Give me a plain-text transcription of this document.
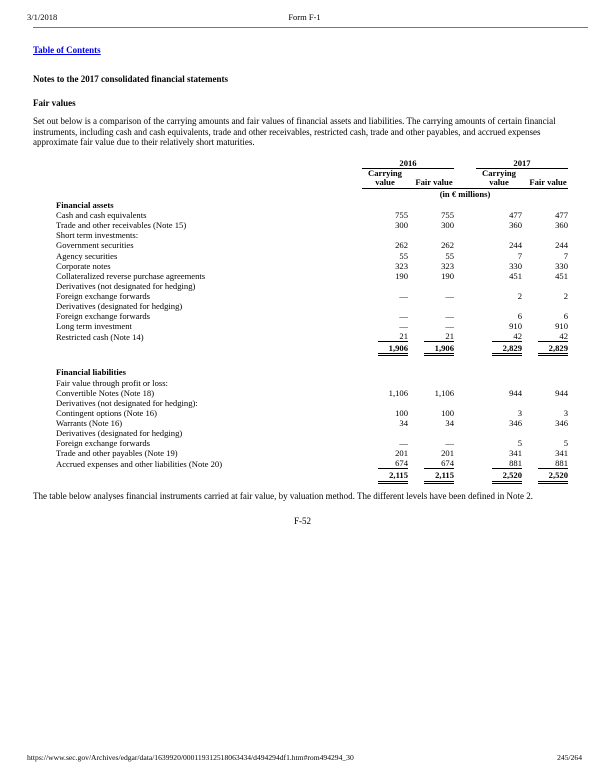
3/1/2018	Form F-1
Table of Contents
Notes to the 2017 consolidated financial statements
Fair values

Set out below is a comparison of the carrying amounts and fair values of financial assets and liabilities. The carrying amounts of certain financial instruments, including cash and cash equivalents, trade and other receivables, restricted cash, trade and other payables, and accrued expenses approximate fair value due to their relatively short maturities.

	2016			2017	
	Carrying value	Fair value		Carrying value	Fair value
	(in € millions)				
Financial assets					
Cash and cash equivalents	755	755		477	477
Trade and other receivables (Note 15)	300	300		360	360
Short term investments:					
Government securities	262	262		244	244
Agency securities	55	55		7	7
Corporate notes	323	323		330	330
Collateralized reverse purchase agreements	190	190		451	451
Derivatives (not designated for hedging)					
Foreign exchange forwards	—	—		2	2
Derivatives (designated for hedging)					
Foreign exchange forwards	—	—		6	6
Long term investment	—	—		910	910
Restricted cash (Note 14)	21	21		42	42
	1,906	1,906		2,829	2,829

Financial liabilities					
Fair value through profit or loss:					
Convertible Notes (Note 18)	1,106	1,106		944	944
Derivatives (not designated for hedging):					
Contingent options (Note 16)	100	100		3	3
Warrants (Note 16)	34	34		346	346
Derivatives (designated for hedging)					
Foreign exchange forwards	—	—		5	5
Trade and other payables (Note 19)	201	201		341	341
Accrued expenses and other liabilities (Note 20)	674	674		881	881
	2,115	2,115		2,520	2,520

The table below analyses financial instruments carried at fair value, by valuation method. The different levels have been defined in Note 2.

F-52
https://www.sec.gov/Archives/edgar/data/1639920/000119312518063434/d494294df1.htm#rom494294_30	245/264
